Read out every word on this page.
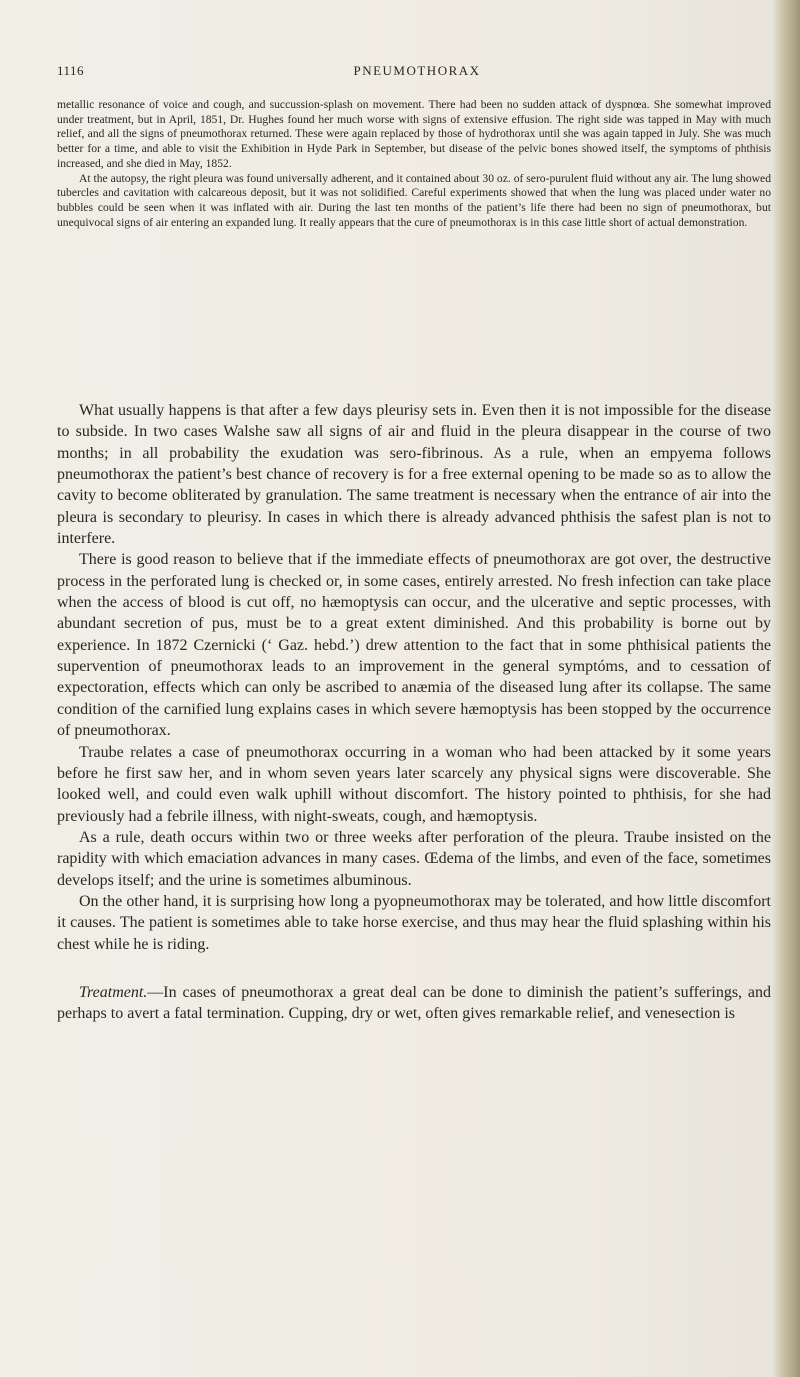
1116	PNEUMOTHORAX

metallic resonance of voice and cough, and succussion-splash on movement. There had been no sudden attack of dyspnœa. She somewhat improved under treatment, but in April, 1851, Dr. Hughes found her much worse with signs of extensive effusion. The right side was tapped in May with much relief, and all the signs of pneumothorax returned. These were again replaced by those of hydrothorax until she was again tapped in July. She was much better for a time, and able to visit the Exhibition in Hyde Park in September, but disease of the pelvic bones showed itself, the symptoms of phthisis increased, and she died in May, 1852.

At the autopsy, the right pleura was found universally adherent, and it contained about 30 oz. of sero-purulent fluid without any air. The lung showed tubercles and cavitation with calcareous deposit, but it was not solidified. Careful experiments showed that when the lung was placed under water no bubbles could be seen when it was inflated with air. During the last ten months of the patient’s life there had been no sign of pneumothorax, but unequivocal signs of air entering an expanded lung. It really appears that the cure of pneumothorax is in this case little short of actual demonstration.

What usually happens is that after a few days pleurisy sets in. Even then it is not impossible for the disease to subside. In two cases Walshe saw all signs of air and fluid in the pleura disappear in the course of two months; in all probability the exudation was sero-fibrinous. As a rule, when an empyema follows pneumothorax the patient’s best chance of recovery is for a free external opening to be made so as to allow the cavity to become obliterated by granulation. The same treatment is necessary when the entrance of air into the pleura is secondary to pleurisy. In cases in which there is already advanced phthisis the safest plan is not to interfere.

There is good reason to believe that if the immediate effects of pneumothorax are got over, the destructive process in the perforated lung is checked or, in some cases, entirely arrested. No fresh infection can take place when the access of blood is cut off, no hæmoptysis can occur, and the ulcerative and septic processes, with abundant secretion of pus, must be to a great extent diminished. And this probability is borne out by experience. In 1872 Czernicki (‘ Gaz. hebd.’) drew attention to the fact that in some phthisical patients the supervention of pneumothorax leads to an improvement in the general symptóms, and to cessation of expectoration, effects which can only be ascribed to anæmia of the diseased lung after its collapse. The same condition of the carnified lung explains cases in which severe hæmoptysis has been stopped by the occurrence of pneumothorax.

Traube relates a case of pneumothorax occurring in a woman who had been attacked by it some years before he first saw her, and in whom seven years later scarcely any physical signs were discoverable. She looked well, and could even walk uphill without discomfort. The history pointed to phthisis, for she had previously had a febrile illness, with night-sweats, cough, and hæmoptysis.

As a rule, death occurs within two or three weeks after perforation of the pleura. Traube insisted on the rapidity with which emaciation advances in many cases. Œdema of the limbs, and even of the face, sometimes develops itself; and the urine is sometimes albuminous.

On the other hand, it is surprising how long a pyopneumothorax may be tolerated, and how little discomfort it causes. The patient is sometimes able to take horse exercise, and thus may hear the fluid splashing within his chest while he is riding.

Treatment.—In cases of pneumothorax a great deal can be done to diminish the patient’s sufferings, and perhaps to avert a fatal termination. Cupping, dry or wet, often gives remarkable relief, and venesection is
